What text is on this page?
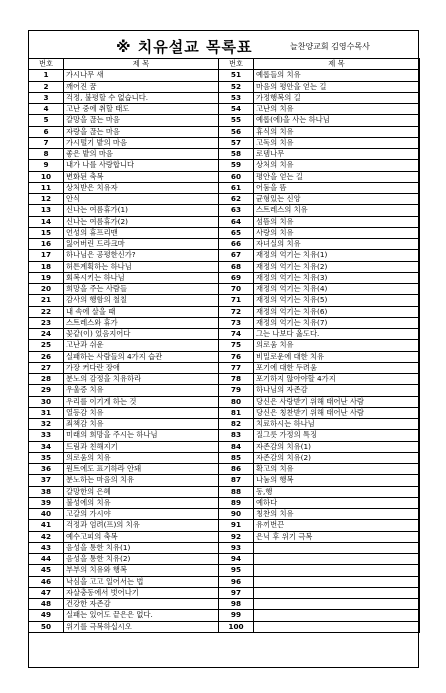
※ 치유설교 목록표	늘찬양교회 김영수목사
번호	제 목	번호	제 목
1	가시나무 새	51	예롭들의 치유
2	깨어진 꿈	52	마음의 평안을 얻는 길
3	걱정, 불평할 수 없습니다.	53	가정행복의 길
4	고난 중에 취할 태도	54	고난의 치유
5	갈망을 끊는 마음	55	예롭(에)을 사는 하나님
6	자랑을 끊는 마음	56	휴식의 치유
7	가시떨기 밭의 마음	57	고독의 치유
8	좋은 밭의 마음	58	로뎀나무
9	내가 나를 사랑합니다	59	상처의 치유
10	변화된 축복	60	평안을 얻는 길
11	상처받은 치유자	61	어둠을 뜸
12	안식	62	균형있는 신앙
13	신나는 여름휴가(1)	63	스트레스의 치유
14	신나는 여름휴가(2)	64	섬뜸의 치유
15	언성의 휴프리맨	65	사랑의 치유
16	잃어버린 드라크마	66	자녀실의 치유
17	하나님은 공평한신가?	67	재정의 억기는 치유(1)
18	허튼계획하는 하나님	68	재정의 억기는 치유(2)
19	회복시키는 하나님	69	재정의 억기는 치유(3)
20	희망을 주는 사람들	70	재정의 억기는 치유(4)
21	감사의 행함의 철칠	71	재정의 억기는 치유(5)
22	내 속에 살을 때	72	재정의 억기는 치유(6)
23	스트레스와 휴가	73	재정의 억기는 치유(7)
24	꽃같(이) 었음지어다	74	그는 나보다 옳도다.
25	고난과 쉬운	75	의로움 치유
26	실패하는 사람들의 4가지 습관	76	비밀로운에 대한 치유
27	가장 커다란 장애	77	포기에 대한 두려움
28	분노의 감정을 치유하라	78	포기하지 않아야할 4가지
29	우울증 치유	79	하나님의 자존감
30	우리를 이기게 하는 것	80	당신은 사랑받기 위해 태어난 사람
31	열등감 치유	81	당신은 칭찬받기 위해 태어난 사람
32	죄책감 치유	82	치료하시는 하나님
33	미래의 희망을 주시는 하나님	83	질그릇 가정의 특징
34	드림과 친해지기	84	자존감의 치유(1)
35	의로움의 치유	85	자존감의 치유(2)
36	원트에도 표기하라 안돼	86	확고의 치유
37	분노하는 마음의 치유	87	나눔의 행복
38	갈망한의 은혜	88	동,행
39	불성에의 치유	89	예하다
40	고갈의 가시야	90	칭찬의 치유
41	걱정과 엄려(프)의 치유	91	유끼번끈
42	예수고피의 축복	92	은닉 후 위기 극복
43	음성을 통한 치유(1)	93	
44	음성을 통한 치유(2)	94	
45	부부의 치유와 행복	95	
46	낙심을 고고 일어서는 법	96	
47	자살충동에서 벗어나기	97	
48	건강한 자존감	98	
49	실패는 있어도 끝은은 없다.	99	
50	위기를 극복하십시오	100	
